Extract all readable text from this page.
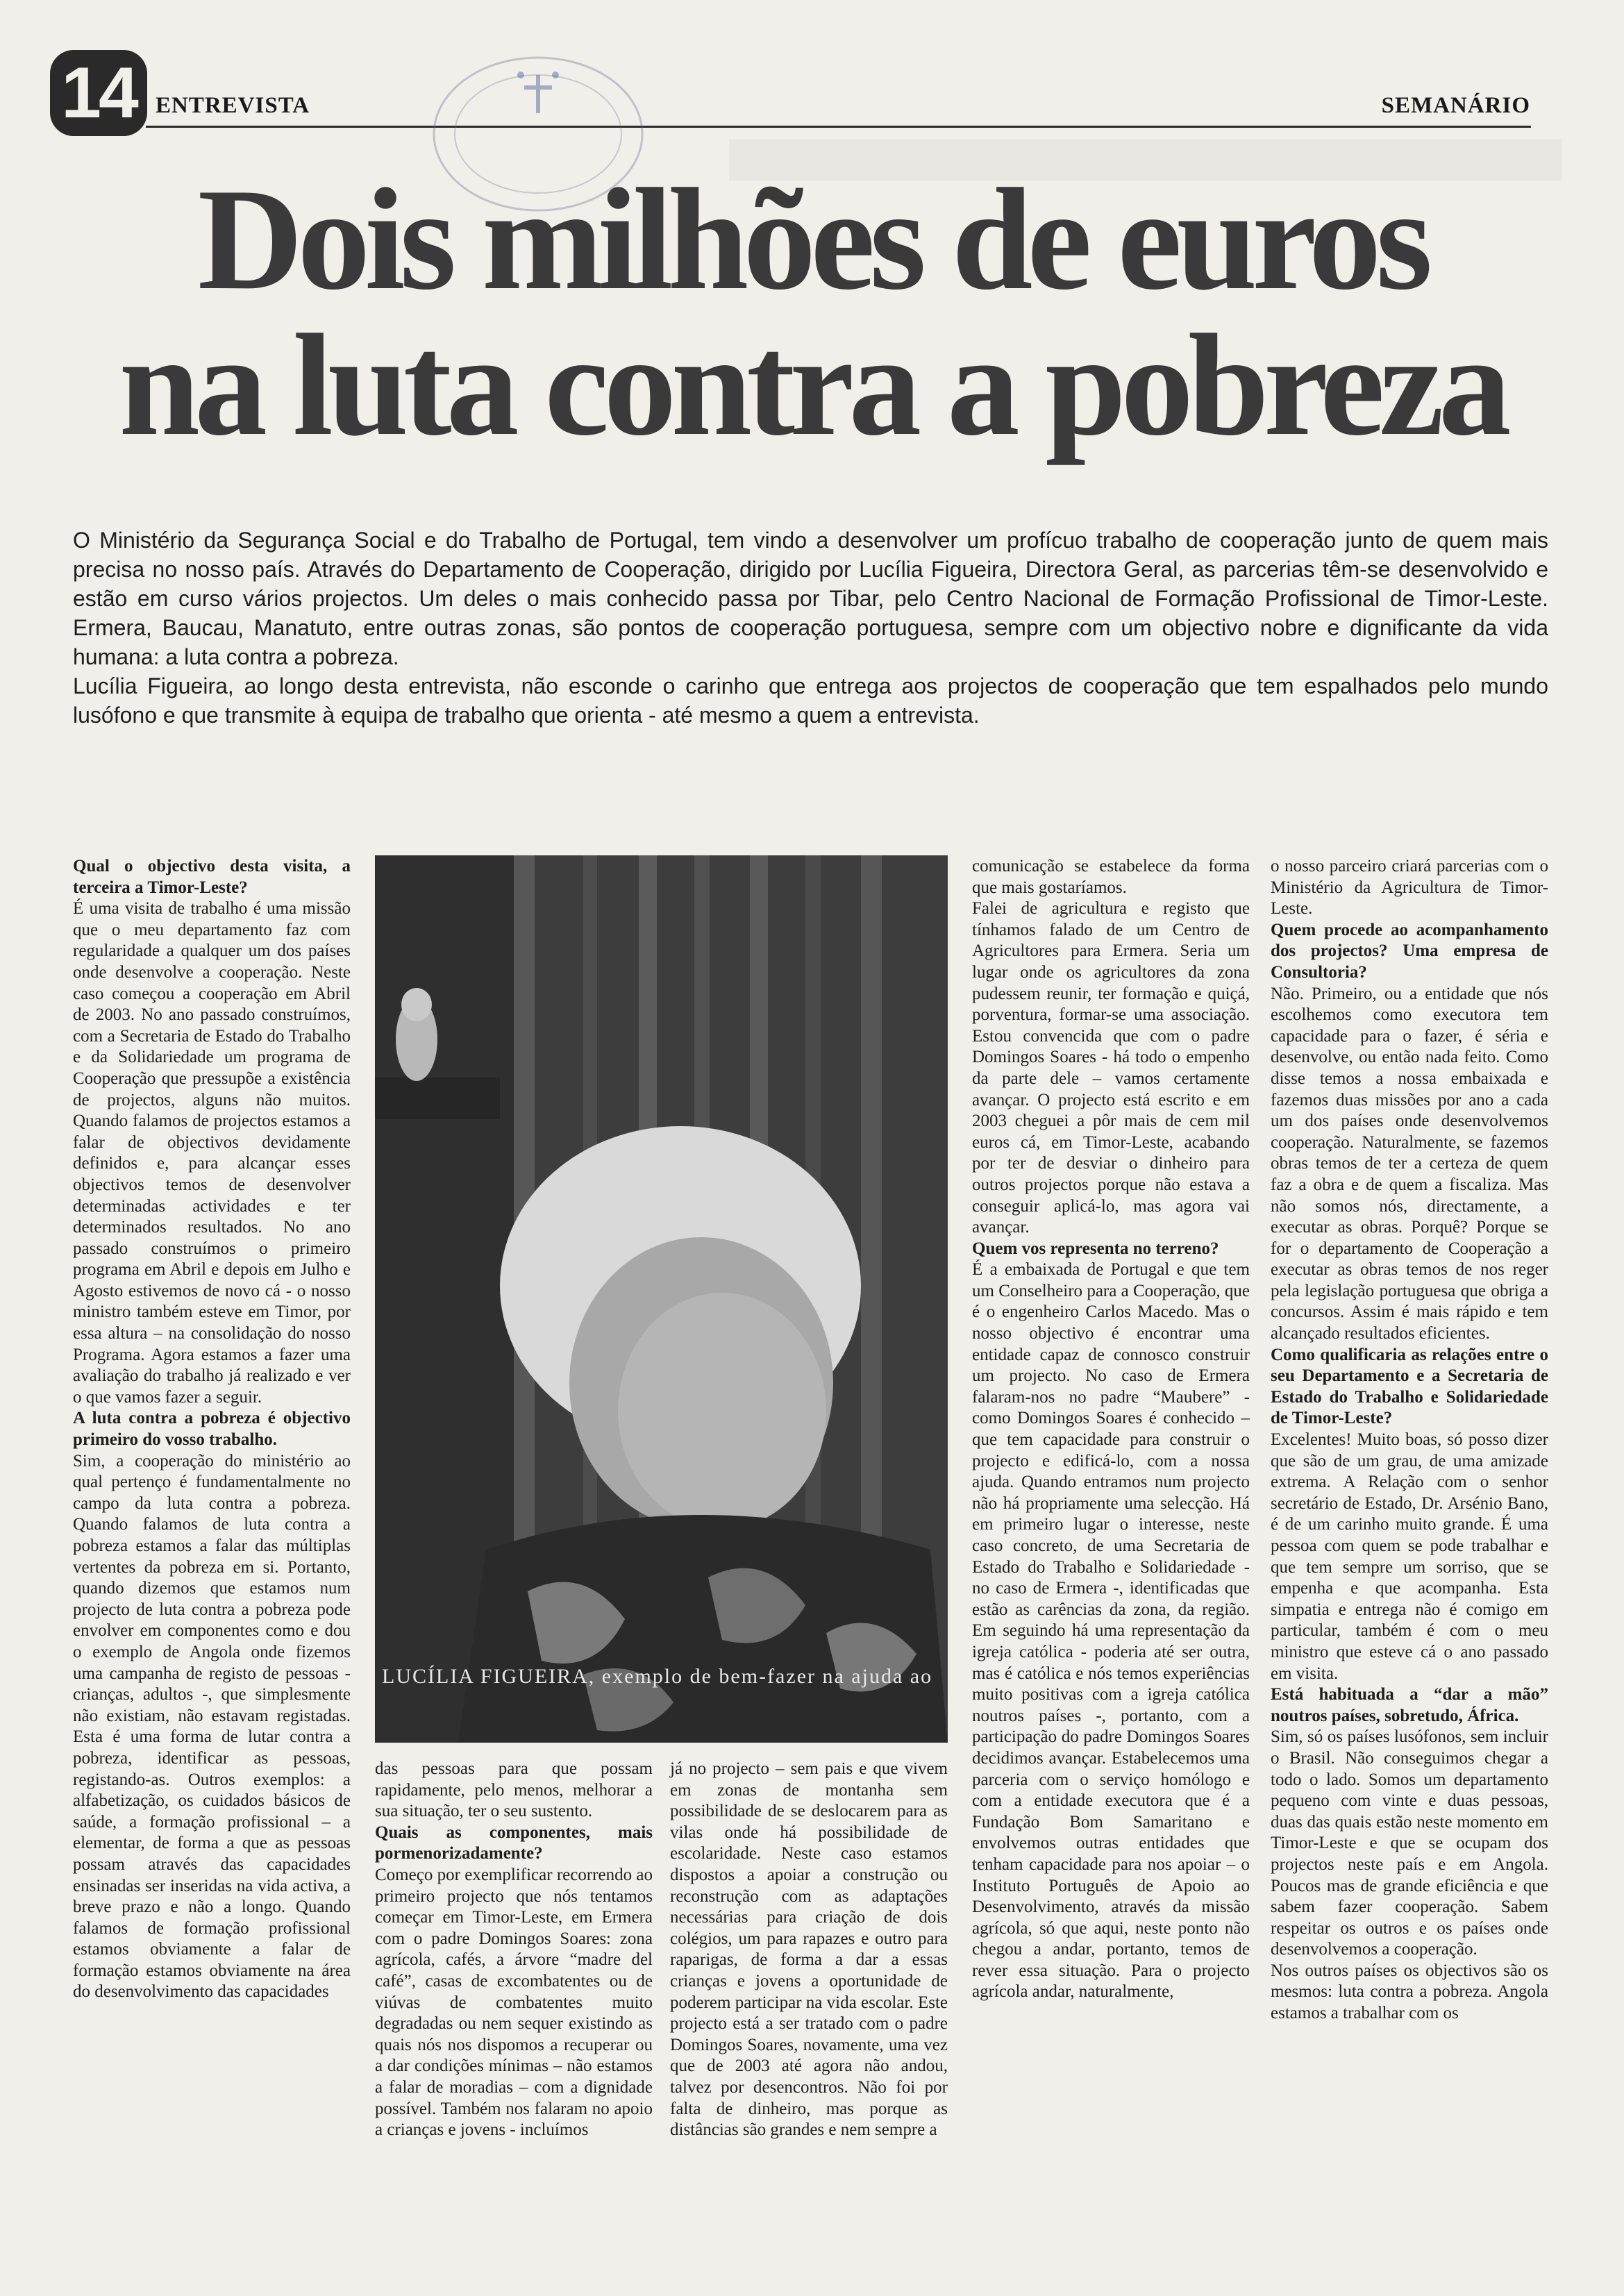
14 ENTREVISTA	SEMANÁRIO
Dois milhões de euros
na luta contra a pobreza

O Ministério da Segurança Social e do Trabalho de Portugal, tem vindo a desenvolver um profícuo trabalho de cooperação junto de quem mais precisa no nosso país. Através do Departamento de Cooperação, dirigido por Lucília Figueira, Directora Geral, as parcerias têm-se desenvolvido e estão em curso vários projectos. Um deles o mais conhecido passa por Tibar, pelo Centro Nacional de Formação Profissional de Timor-Leste. Ermera, Baucau, Manatuto, entre outras zonas, são pontos de cooperação portuguesa, sempre com um objectivo nobre e dignificante da vida humana: a luta contra a pobreza.

Lucília Figueira, ao longo desta entrevista, não esconde o carinho que entrega aos projectos de cooperação que tem espalhados pelo mundo lusófono e que transmite à equipa de trabalho que orienta - até mesmo a quem a entrevista.

LUCÍLIA FIGUEIRA, exemplo de bem-fazer na ajuda ao

Qual o objectivo desta visita, a terceira a Timor-Leste?

É uma visita de trabalho é uma missão que o meu departamento faz com regularidade a qualquer um dos países onde desenvolve a cooperação. Neste caso começou a cooperação em Abril de 2003. No ano passado construímos, com a Secretaria de Estado do Trabalho e da Solidariedade um programa de Cooperação que pressupõe a existência de projectos, alguns não muitos. Quando falamos de projectos estamos a falar de objectivos devidamente definidos e, para alcançar esses objectivos temos de desenvolver determinadas actividades e ter determinados resultados. No ano passado construímos o primeiro programa em Abril e depois em Julho e Agosto estivemos de novo cá - o nosso ministro também esteve em Timor, por essa altura – na consolidação do nosso Programa. Agora estamos a fazer uma avaliação do trabalho já realizado e ver o que vamos fazer a seguir.

A luta contra a pobreza é objectivo primeiro do vosso trabalho.

Sim, a cooperação do ministério ao qual pertenço é fundamentalmente no campo da luta contra a pobreza. Quando falamos de luta contra a pobreza estamos a falar das múltiplas vertentes da pobreza em si. Portanto, quando dizemos que estamos num projecto de luta contra a pobreza pode envolver em componentes como e dou o exemplo de Angola onde fizemos uma campanha de registo de pessoas - crianças, adultos -, que simplesmente não existiam, não estavam registadas. Esta é uma forma de lutar contra a pobreza, identificar as pessoas, registando-as. Outros exemplos: a alfabetização, os cuidados básicos de saúde, a formação profissional – a elementar, de forma a que as pessoas possam através das capacidades ensinadas ser inseridas na vida activa, a breve prazo e não a longo. Quando falamos de formação profissional estamos obviamente a falar de formação estamos obviamente na área do desenvolvimento das capacidades

das pessoas para que possam rapidamente, pelo menos, melhorar a sua situação, ter o seu sustento.

Quais as componentes, mais pormenorizadamente?

Começo por exemplificar recorrendo ao primeiro projecto que nós tentamos começar em Timor-Leste, em Ermera com o padre Domingos Soares: zona agrícola, cafés, a árvore “madre del café”, casas de excombatentes ou de viúvas de combatentes muito degradadas ou nem sequer existindo as quais nós nos dispomos a recuperar ou a dar condições mínimas – não estamos a falar de moradias – com a dignidade possível. Também nos falaram no apoio a crianças e jovens - incluímos

já no projecto – sem pais e que vivem em zonas de montanha sem possibilidade de se deslocarem para as vilas onde há possibilidade de escolaridade. Neste caso estamos dispostos a apoiar a construção ou reconstrução com as adaptações necessárias para criação de dois colégios, um para rapazes e outro para raparigas, de forma a dar a essas crianças e jovens a oportunidade de poderem participar na vida escolar. Este projecto está a ser tratado com o padre Domingos Soares, novamente, uma vez que de 2003 até agora não andou, talvez por desencontros. Não foi por falta de dinheiro, mas porque as distâncias são grandes e nem sempre a

comunicação se estabelece da forma que mais gostaríamos.

Falei de agricultura e registo que tínhamos falado de um Centro de Agricultores para Ermera. Seria um lugar onde os agricultores da zona pudessem reunir, ter formação e quiçá, porventura, formar-se uma associação. Estou convencida que com o padre Domingos Soares - há todo o empenho da parte dele – vamos certamente avançar. O projecto está escrito e em 2003 cheguei a pôr mais de cem mil euros cá, em Timor-Leste, acabando por ter de desviar o dinheiro para outros projectos porque não estava a conseguir aplicá-lo, mas agora vai avançar.

Quem vos representa no terreno?

É a embaixada de Portugal e que tem um Conselheiro para a Cooperação, que é o engenheiro Carlos Macedo. Mas o nosso objectivo é encontrar uma entidade capaz de connosco construir um projecto. No caso de Ermera falaram-nos no padre “Maubere” - como Domingos Soares é conhecido – que tem capacidade para construir o projecto e edificá-lo, com a nossa ajuda. Quando entramos num projecto não há propriamente uma selecção. Há em primeiro lugar o interesse, neste caso concreto, de uma Secretaria de Estado do Trabalho e Solidariedade - no caso de Ermera -, identificadas que estão as carências da zona, da região. Em seguindo há uma representação da igreja católica - poderia até ser outra, mas é católica e nós temos experiências muito positivas com a igreja católica noutros países -, portanto, com a participação do padre Domingos Soares decidimos avançar. Estabelecemos uma parceria com o serviço homólogo e com a entidade executora que é a Fundação Bom Samaritano e envolvemos outras entidades que tenham capacidade para nos apoiar – o Instituto Português de Apoio ao Desenvolvimento, através da missão agrícola, só que aqui, neste ponto não chegou a andar, portanto, temos de rever essa situação. Para o projecto agrícola andar, naturalmente,

o nosso parceiro criará parcerias com o Ministério da Agricultura de Timor-Leste.

Quem procede ao acompanhamento dos projectos? Uma empresa de Consultoria?

Não. Primeiro, ou a entidade que nós escolhemos como executora tem capacidade para o fazer, é séria e desenvolve, ou então nada feito. Como disse temos a nossa embaixada e fazemos duas missões por ano a cada um dos países onde desenvolvemos cooperação. Naturalmente, se fazemos obras temos de ter a certeza de quem faz a obra e de quem a fiscaliza. Mas não somos nós, directamente, a executar as obras. Porquê? Porque se for o departamento de Cooperação a executar as obras temos de nos reger pela legislação portuguesa que obriga a concursos. Assim é mais rápido e tem alcançado resultados eficientes.

Como qualificaria as relações entre o seu Departamento e a Secretaria de Estado do Trabalho e Solidariedade de Timor-Leste?

Excelentes! Muito boas, só posso dizer que são de um grau, de uma amizade extrema. A Relação com o senhor secretário de Estado, Dr. Arsénio Bano, é de um carinho muito grande. É uma pessoa com quem se pode trabalhar e que tem sempre um sorriso, que se empenha e que acompanha. Esta simpatia e entrega não é comigo em particular, também é com o meu ministro que esteve cá o ano passado em visita.

Está habituada a “dar a mão” noutros países, sobretudo, África.

Sim, só os países lusófonos, sem incluir o Brasil. Não conseguimos chegar a todo o lado. Somos um departamento pequeno com vinte e duas pessoas, duas das quais estão neste momento em Timor-Leste e que se ocupam dos projectos neste país e em Angola. Poucos mas de grande eficiência e que sabem fazer cooperação. Sabem respeitar os outros e os países onde desenvolvemos a cooperação.

Nos outros países os objectivos são os mesmos: luta contra a pobreza. Angola estamos a trabalhar com os
